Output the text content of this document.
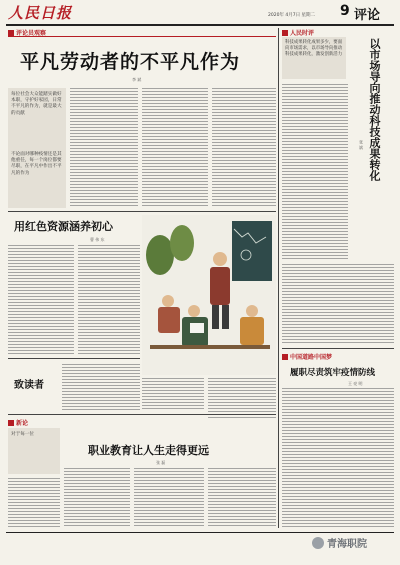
人民日报	2020年 4月7日 星期二 9 评论
评论员观察
平凡劳动者的不平凡作为
李 斌
每位社会大众能踏实做好本职，守护好家园，日常不平凡的作为，就是最大的贡献
不论面对哪种疫情还是其他重任，每一个岗位都要尽职，在平凡中作出不平凡的作为
用红色资源涵养初心
曹 伟 东
致读者
新论
对于每一位
职业教育让人生走得更远
张 磊
人民时评
科技成果转化成果多少，要面向市场需求，以市场导向推动科技成果转化，激发创新活力 以市场导向推动科技成果转化
张 斌
中国道路中国梦
履职尽责筑牢疫情防线
王 亮 明
青海职院
